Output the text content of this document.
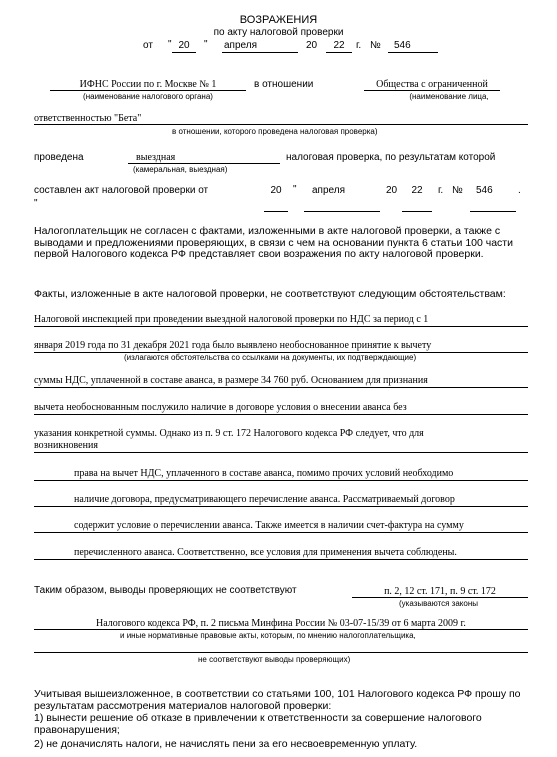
ВОЗРАЖЕНИЯ
по акту налоговой проверки
от " 20	" апреля	20	22	г. № 546
ИФНС России по г. Москве № 1	в отношении	Общества с ограниченной
(наименование налогового органа)	(наименование лица,
ответственностью "Бета"
в отношении, которого проведена налоговая проверка)
проведена	выездная	налоговая проверка, по результатам которой
(камеральная, выездная)
составлен акт налоговой проверки от
"
20	" апреля	20	22	г. № 546	.
Налогоплательщик не согласен с фактами, изложенными в акте налоговой проверки, а также с выводами и предложениями проверяющих, в связи с чем на основании пункта 6 статьи 100 части первой Налогового кодекса РФ представляет свои возражения по акту налоговой проверки.
Факты, изложенные в акте налоговой проверки, не соответствуют следующим обстоятельствам:
Налоговой инспекцией при проведении выездной налоговой проверки по НДС за период с 1
января 2019 года по 31 декабря 2021 года было выявлено необоснованное принятие к вычету
(излагаются обстоятельства со ссылками на документы, их подтверждающие)
суммы НДС, уплаченной в составе аванса, в размере 34 760 руб. Основанием для признания
вычета необоснованным послужило наличие в договоре условия о внесении аванса без
указания конкретной суммы. Однако из п. 9 ст. 172 Налогового кодекса РФ следует, что для
возникновения
права на вычет НДС, уплаченного в составе аванса, помимо прочих условий необходимо
наличие договора, предусматривающего перечисление аванса. Рассматриваемый договор
содержит условие о перечислении аванса. Также имеется в наличии счет-фактура на сумму
перечисленного аванса. Соответственно, все условия для применения вычета соблюдены.
Таким образом, выводы проверяющих не соответствуют	п. 2, 12 ст. 171, п. 9 ст. 172
(указываются законы
Налогового кодекса РФ, п. 2 письма Минфина России № 03-07-15/39 от 6 марта 2009 г.
и иные нормативные правовые акты, которым, по мнению налогоплательщика,
не соответствуют выводы проверяющих)
Учитывая вышеизложенное, в соответствии со статьями 100, 101 Налогового кодекса РФ прошу по результатам рассмотрения материалов налоговой проверки:
1) вынести решение об отказе в привлечении к ответственности за совершение налогового правонарушения;
2) не доначислять налоги, не начислять пени за его несвоевременную уплату.
